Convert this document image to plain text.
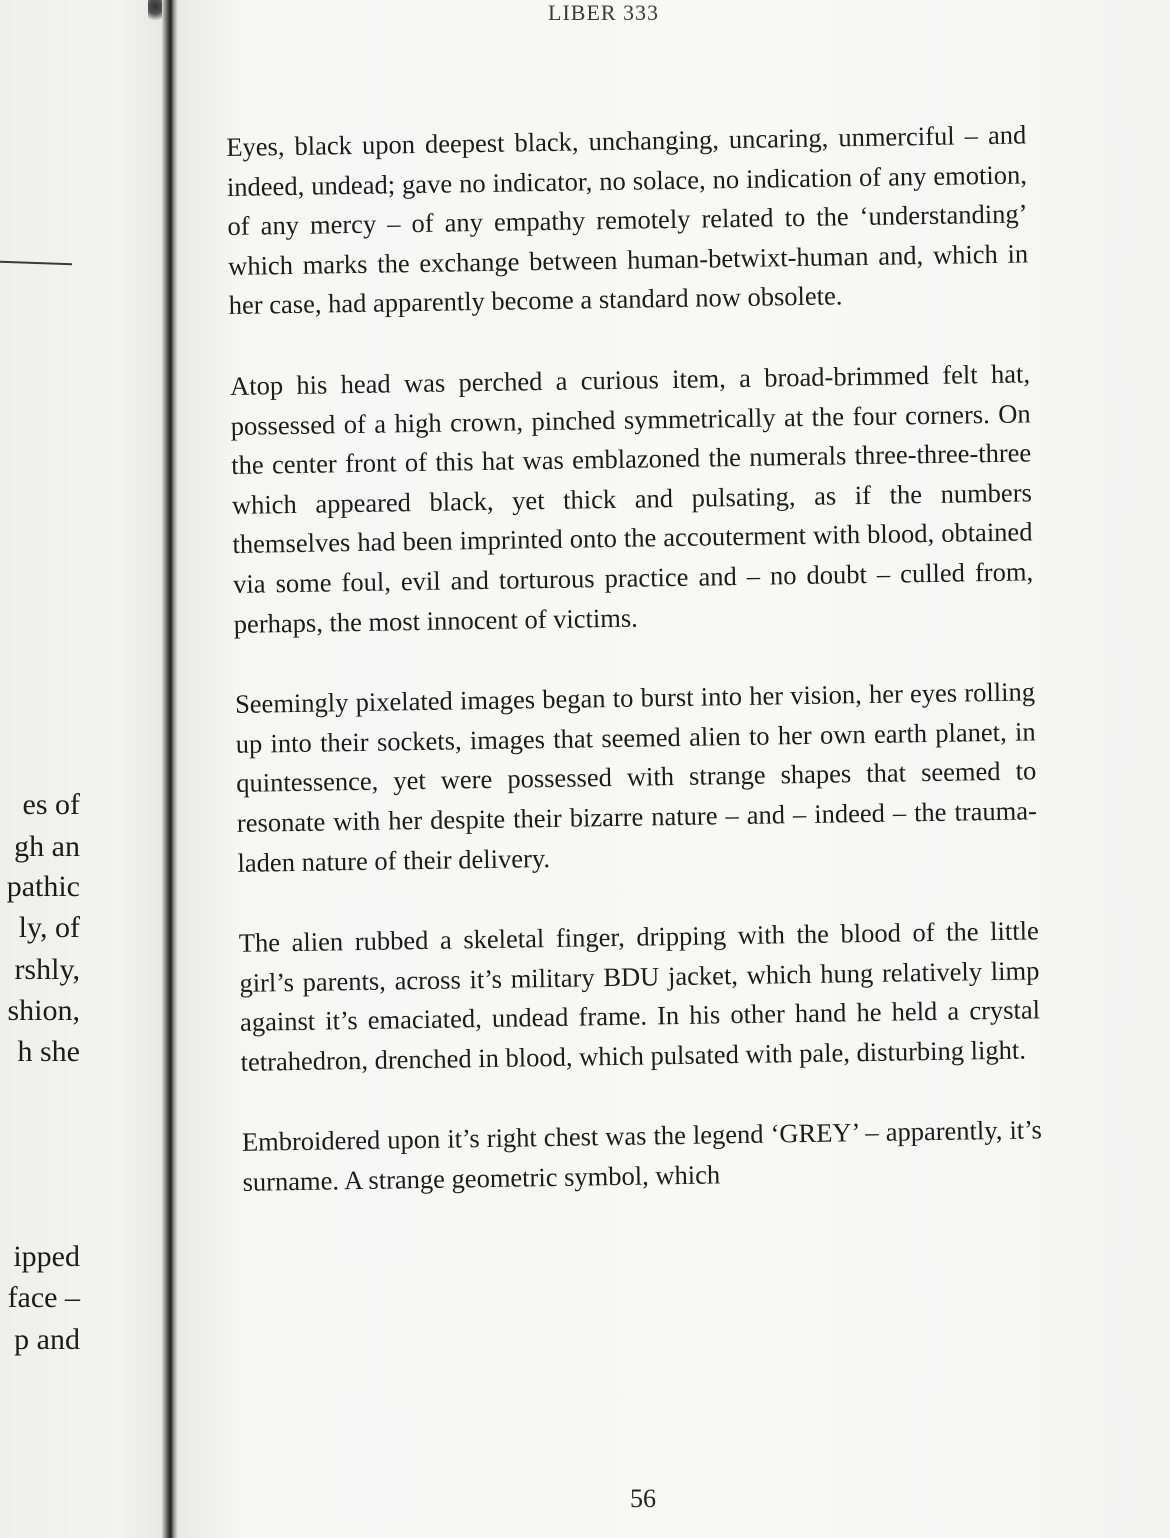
es of
gh an
pathic
ly, of
rshly,
shion,
h she
ipped
face –
p and
LIBER 333

Eyes, black upon deepest black, unchanging, uncaring, unmerciful – and indeed, undead; gave no indicator, no solace, no indication of any emotion, of any mercy – of any empathy remotely related to the ‘understanding’ which marks the exchange between human-betwixt-human and, which in her case, had apparently become a standard now obsolete.

Atop his head was perched a curious item, a broad-brimmed felt hat, possessed of a high crown, pinched symmetrically at the four corners. On the center front of this hat was emblazoned the numerals three-three-three which appeared black, yet thick and pulsating, as if the numbers themselves had been imprinted onto the accouterment with blood, obtained via some foul, evil and torturous practice and – no doubt – culled from, perhaps, the most innocent of victims.

Seemingly pixelated images began to burst into her vision, her eyes rolling up into their sockets, images that seemed alien to her own earth planet, in quintessence, yet were possessed with strange shapes that seemed to resonate with her despite their bizarre nature – and – indeed – the trauma-laden nature of their delivery.

The alien rubbed a skeletal finger, dripping with the blood of the little girl’s parents, across it’s military BDU jacket, which hung relatively limp against it’s emaciated, undead frame. In his other hand he held a crystal tetrahedron, drenched in blood, which pulsated with pale, disturbing light.

Embroidered upon it’s right chest was the legend ‘GREY’ – apparently, it’s surname. A strange geometric symbol, which

56
